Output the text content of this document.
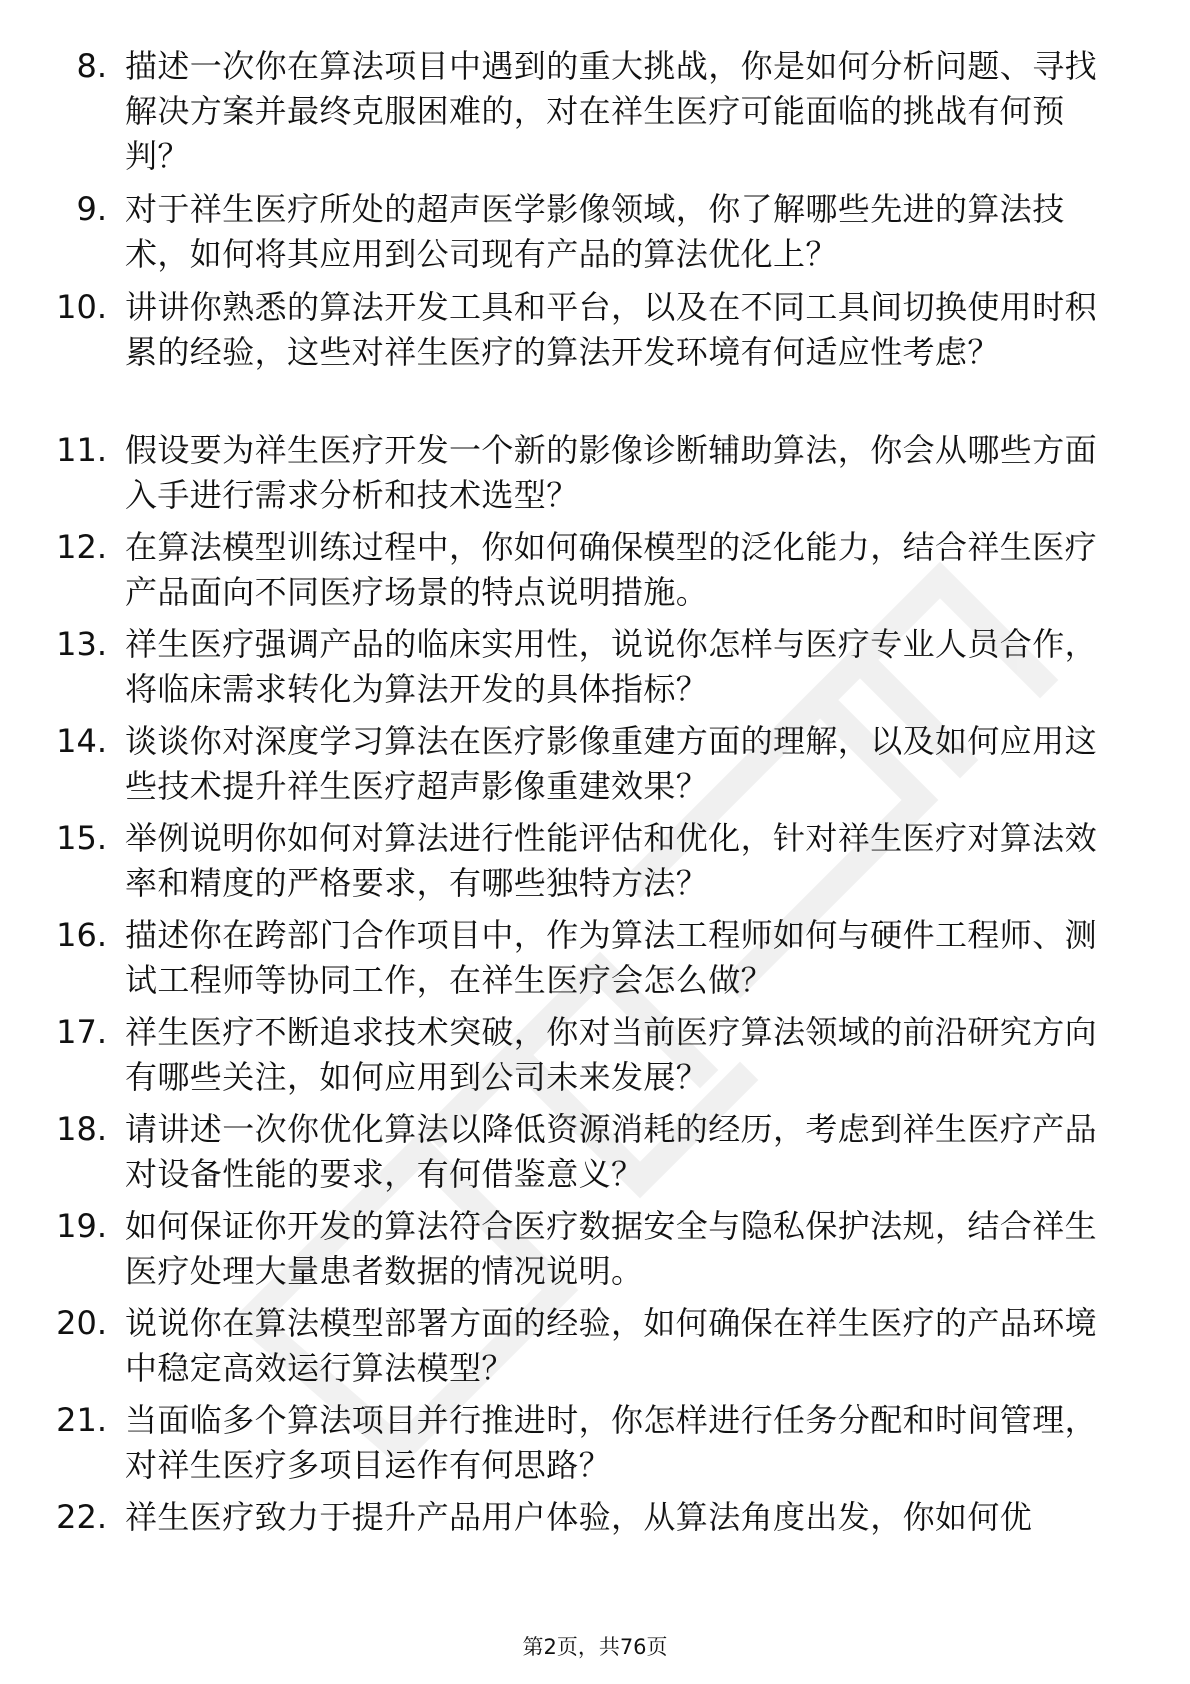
8. 描述一次你在算法项目中遇到的重大挑战，你是如何分析问题、寻找解决方案并最终克服困难的，对在祥生医疗可能面临的挑战有何预判？
9. 对于祥生医疗所处的超声医学影像领域，你了解哪些先进的算法技术，如何将其应用到公司现有产品的算法优化上？
10. 讲讲你熟悉的算法开发工具和平台，以及在不同工具间切换使用时积累的经验，这些对祥生医疗的算法开发环境有何适应性考虑？
11. 假设要为祥生医疗开发一个新的影像诊断辅助算法，你会从哪些方面入手进行需求分析和技术选型？
12. 在算法模型训练过程中，你如何确保模型的泛化能力，结合祥生医疗产品面向不同医疗场景的特点说明措施。
13. 祥生医疗强调产品的临床实用性，说说你怎样与医疗专业人员合作，将临床需求转化为算法开发的具体指标？
14. 谈谈你对深度学习算法在医疗影像重建方面的理解，以及如何应用这些技术提升祥生医疗超声影像重建效果？
15. 举例说明你如何对算法进行性能评估和优化，针对祥生医疗对算法效率和精度的严格要求，有哪些独特方法？
16. 描述你在跨部门合作项目中，作为算法工程师如何与硬件工程师、测试工程师等协同工作，在祥生医疗会怎么做？
17. 祥生医疗不断追求技术突破，你对当前医疗算法领域的前沿研究方向有哪些关注，如何应用到公司未来发展？
18. 请讲述一次你优化算法以降低资源消耗的经历，考虑到祥生医疗产品对设备性能的要求，有何借鉴意义？
19. 如何保证你开发的算法符合医疗数据安全与隐私保护法规，结合祥生医疗处理大量患者数据的情况说明。
20. 说说你在算法模型部署方面的经验，如何确保在祥生医疗的产品环境中稳定高效运行算法模型？
21. 当面临多个算法项目并行推进时，你怎样进行任务分配和时间管理，对祥生医疗多项目运作有何思路？
22. 祥生医疗致力于提升产品用户体验，从算法角度出发，你如何优
第2页，共76页
